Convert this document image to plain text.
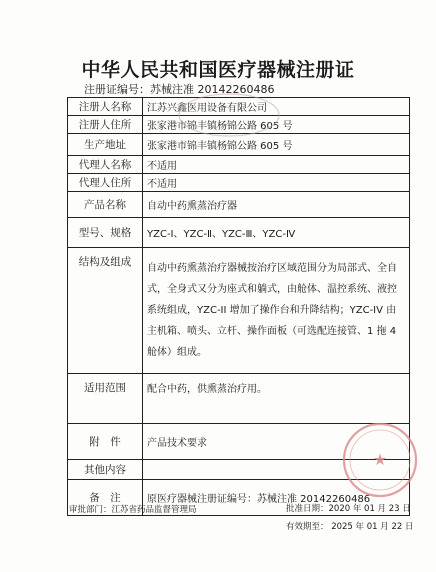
中华人民共和国医疗器械注册证
注册证编号：苏械注准 20142260486
注册人名称	江苏兴鑫医用设备有限公司
注册人住所	张家港市锦丰镇杨锦公路 605 号
生产地址	张家港市锦丰镇杨锦公路 605 号
代理人名称	不适用
代理人住所	不适用
产品名称	自动中药熏蒸治疗器
型号、规格	YZC-Ⅰ、YZC-Ⅱ、YZC-Ⅲ、YZC-Ⅳ
结构及组成	自动中药熏蒸治疗器械按治疗区域范围分为局部式、全自式，全身式又分为座式和躺式，由舱体、温控系统、液控系统组成，YZC-II 增加了操作台和升降结构；YZC-IV 由主机箱、喷头、立杆、操作面板（可选配连接管、1 拖 4 舱体）组成。
适用范围	配合中药，供熏蒸治疗用。
附　件	产品技术要求
其他内容	
备　注	原医疗器械注册证编号：苏械注准 20142260486
审批部门：江苏省药品监督管理局	批准日期：2020 年 01 月 23 日
有效期至： 2025 年 01 月 22 日
★
